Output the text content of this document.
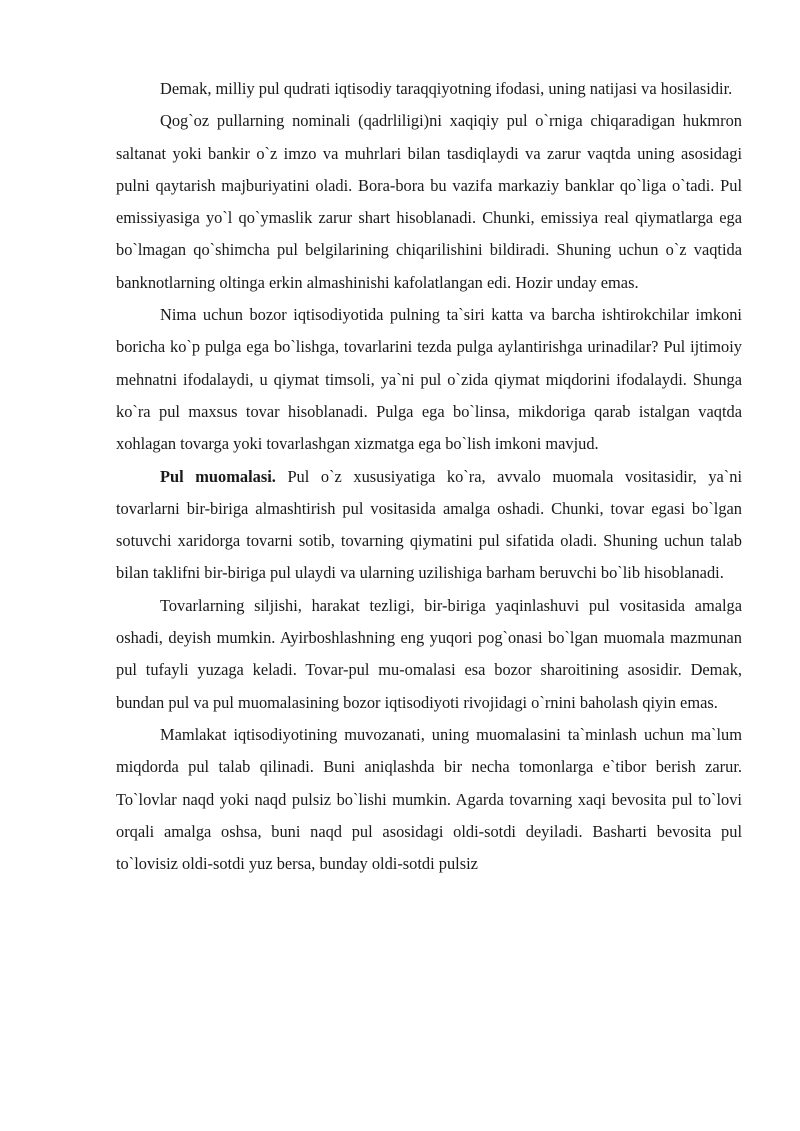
Demak, milliy pul qudrati iqtisodiy taraqqiyotning ifodasi, uning natijasi va hosilasidir.

Qog`oz pullarning nominali (qadrliligi)ni xaqiqiy pul o`rniga chiqaradigan hukmron saltanat yoki bankir o`z imzo va muhrlari bilan tasdiqlaydi va zarur vaqtda uning asosidagi pulni qaytarish majburiyatini oladi. Bora-bora bu vazifa markaziy banklar qo`liga o`tadi. Pul emissiyasiga yo`l qo`ymaslik zarur shart hisoblanadi. Chunki, emissiya real qiymatlarga ega bo`lmagan qo`shimcha pul belgilarining chiqarilishini bildiradi. Shuning uchun o`z vaqtida banknotlarning oltinga erkin almashinishi kafolatlangan edi. Hozir unday emas.

Nima uchun bozor iqtisodiyotida pulning ta`siri katta va barcha ishtirokchilar imkoni boricha ko`p pulga ega bo`lishga, tovarlarini tezda pulga aylantirishga urinadilar? Pul ijtimoiy mehnatni ifodalaydi, u qiymat timsoli, ya`ni pul o`zida qiymat miqdorini ifodalaydi. Shunga ko`ra pul maxsus tovar hisoblanadi. Pulga ega bo`linsa, mikdoriga qarab istalgan vaqtda xohlagan tovarga yoki tovarlashgan xizmatga ega bo`lish imkoni mavjud.

Pul muomalasi. Pul o`z xususiyatiga ko`ra, avvalo muomala vositasidir, ya`ni tovarlarni bir-biriga almashtirish pul vositasida amalga oshadi. Chunki, tovar egasi bo`lgan sotuvchi xaridorga tovarni sotib, tovarning qiymatini pul sifatida oladi. Shuning uchun talab bilan taklifni bir-biriga pul ulaydi va ularning uzilishiga barham beruvchi bo`lib hisoblanadi.

Tovarlarning siljishi, harakat tezligi, bir-biriga yaqinlashuvi pul vositasida amalga oshadi, deyish mumkin. Ayirboshlashning eng yuqori pog`onasi bo`lgan muomala mazmunan pul tufayli yuzaga keladi. Tovar-pul mu-omalasi esa bozor sharoitining asosidir. Demak, bundan pul va pul muomalasining bozor iqtisodiyoti rivojidagi o`rnini baholash qiyin emas.

Mamlakat iqtisodiyotining muvozanati, uning muomalasini ta`minlash uchun ma`lum miqdorda pul talab qilinadi. Buni aniqlashda bir necha tomonlarga e`tibor berish zarur. To`lovlar naqd yoki naqd pulsiz bo`lishi mumkin. Agarda tovarning xaqi bevosita pul to`lovi orqali amalga oshsa, buni naqd pul asosidagi oldi-sotdi deyiladi. Basharti bevosita pul to`lovisiz oldi-sotdi yuz bersa, bunday oldi-sotdi pulsiz
